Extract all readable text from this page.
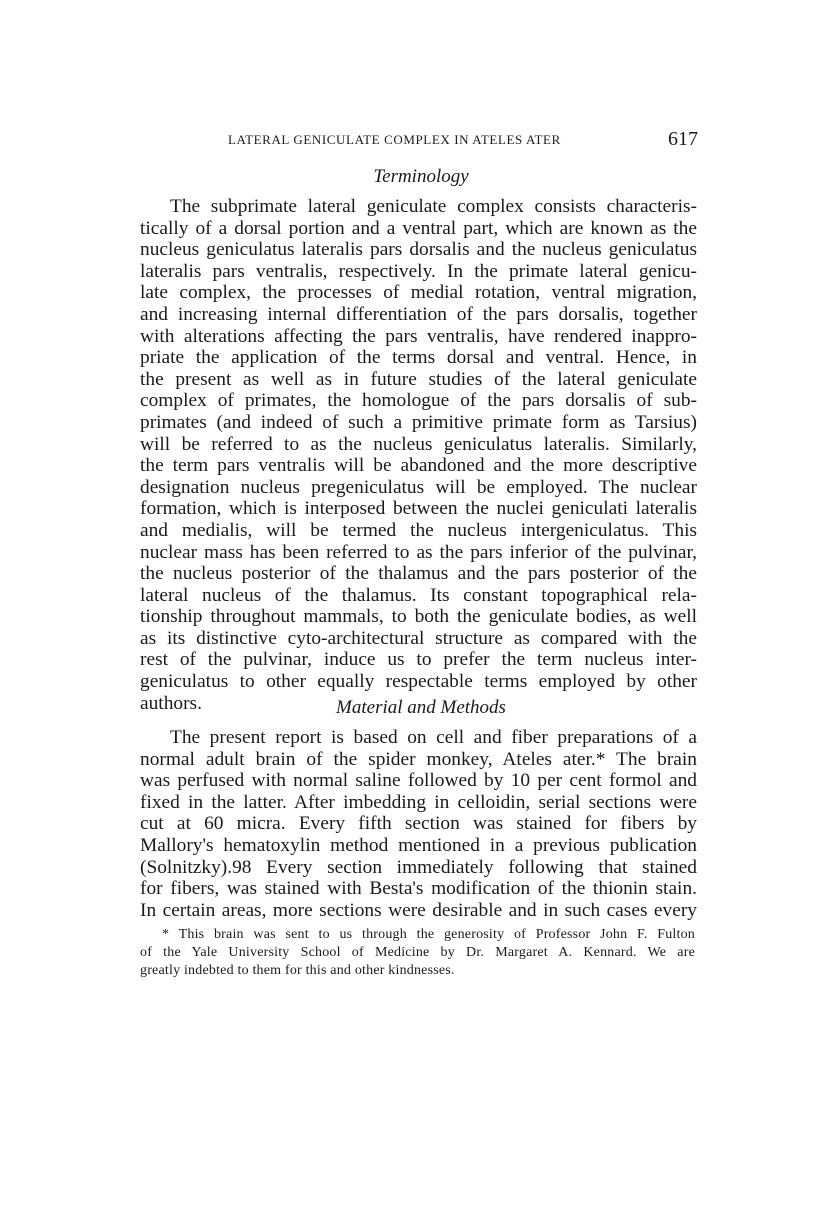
LATERAL GENICULATE COMPLEX IN ATELES ATER	617
Terminology
The subprimate lateral geniculate complex consists characteris-
tically of a dorsal portion and a ventral part, which are known as the
nucleus geniculatus lateralis pars dorsalis and the nucleus geniculatus
lateralis pars ventralis, respectively. In the primate lateral genicu-
late complex, the processes of medial rotation, ventral migration,
and increasing internal differentiation of the pars dorsalis, together
with alterations affecting the pars ventralis, have rendered inappro-
priate the application of the terms dorsal and ventral. Hence, in
the present as well as in future studies of the lateral geniculate
complex of primates, the homologue of the pars dorsalis of sub-
primates (and indeed of such a primitive primate form as Tarsius)
will be referred to as the nucleus geniculatus lateralis. Similarly,
the term pars ventralis will be abandoned and the more descriptive
designation nucleus pregeniculatus will be employed. The nuclear
formation, which is interposed between the nuclei geniculati lateralis
and medialis, will be termed the nucleus intergeniculatus. This
nuclear mass has been referred to as the pars inferior of the pulvinar,
the nucleus posterior of the thalamus and the pars posterior of the
lateral nucleus of the thalamus. Its constant topographical rela-
tionship throughout mammals, to both the geniculate bodies, as well
as its distinctive cyto-architectural structure as compared with the
rest of the pulvinar, induce us to prefer the term nucleus inter-
geniculatus to other equally respectable terms employed by other
authors.	Material and Methods
The present report is based on cell and fiber preparations of a
normal adult brain of the spider monkey, Ateles ater.* The brain
was perfused with normal saline followed by 10 per cent formol and
fixed in the latter. After imbedding in celloidin, serial sections were
cut at 60 micra. Every fifth section was stained for fibers by
Mallory's hematoxylin method mentioned in a previous publication
(Solnitzky).98 Every section immediately following that stained
for fibers, was stained with Besta's modification of the thionin stain.
In certain areas, more sections were desirable and in such cases every
* This brain was sent to us through the generosity of Professor John F. Fulton
of the Yale University School of Medicine by Dr. Margaret A. Kennard. We are
greatly indebted to them for this and other kindnesses.
